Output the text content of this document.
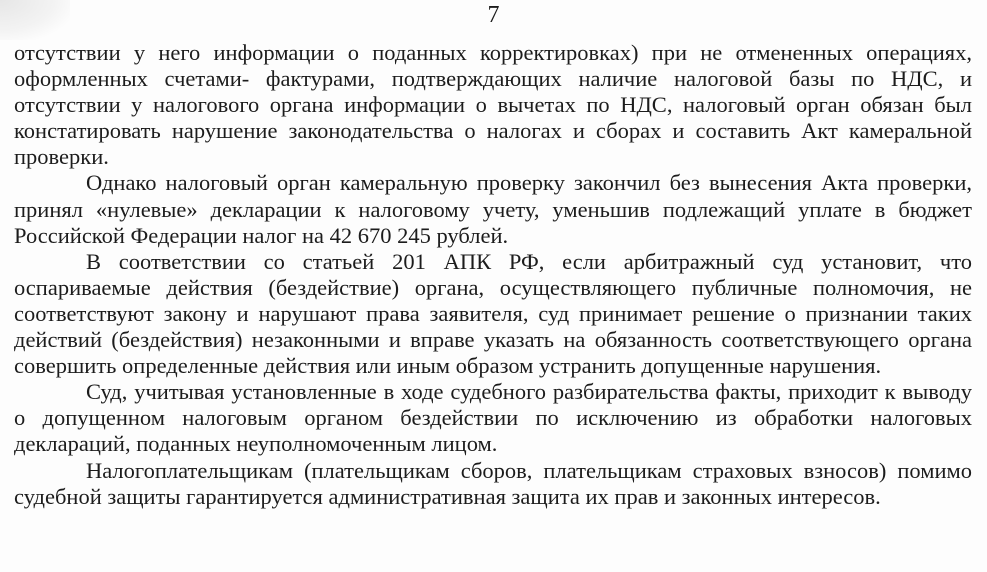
7

отсутствии у него информации о поданных корректировках) при не отмененных операциях, оформленных счетами- фактурами, подтверждающих наличие налоговой базы по НДС, и отсутствии у налогового органа информации о вычетах по НДС, налоговый орган обязан был констатировать нарушение законодательства о налогах и сборах и составить Акт камеральной проверки.

Однако налоговый орган камеральную проверку закончил без вынесения Акта проверки, принял «нулевые» декларации к налоговому учету, уменьшив подлежащий уплате в бюджет Российской Федерации налог на 42 670 245 рублей.

В соответствии со статьей 201 АПК РФ, если арбитражный суд установит, что оспариваемые действия (бездействие) органа, осуществляющего публичные полномочия, не соответствуют закону и нарушают права заявителя, суд принимает решение о признании таких действий (бездействия) незаконными и вправе указать на обязанность соответствующего органа совершить определенные действия или иным образом устранить допущенные нарушения.

Суд, учитывая установленные в ходе судебного разбирательства факты, приходит к выводу о допущенном налоговым органом бездействии по исключению из обработки налоговых деклараций, поданных неуполномоченным лицом.

Налогоплательщикам (плательщикам сборов, плательщикам страховых взносов) помимо судебной защиты гарантируется административная защита их прав и законных интересов.
